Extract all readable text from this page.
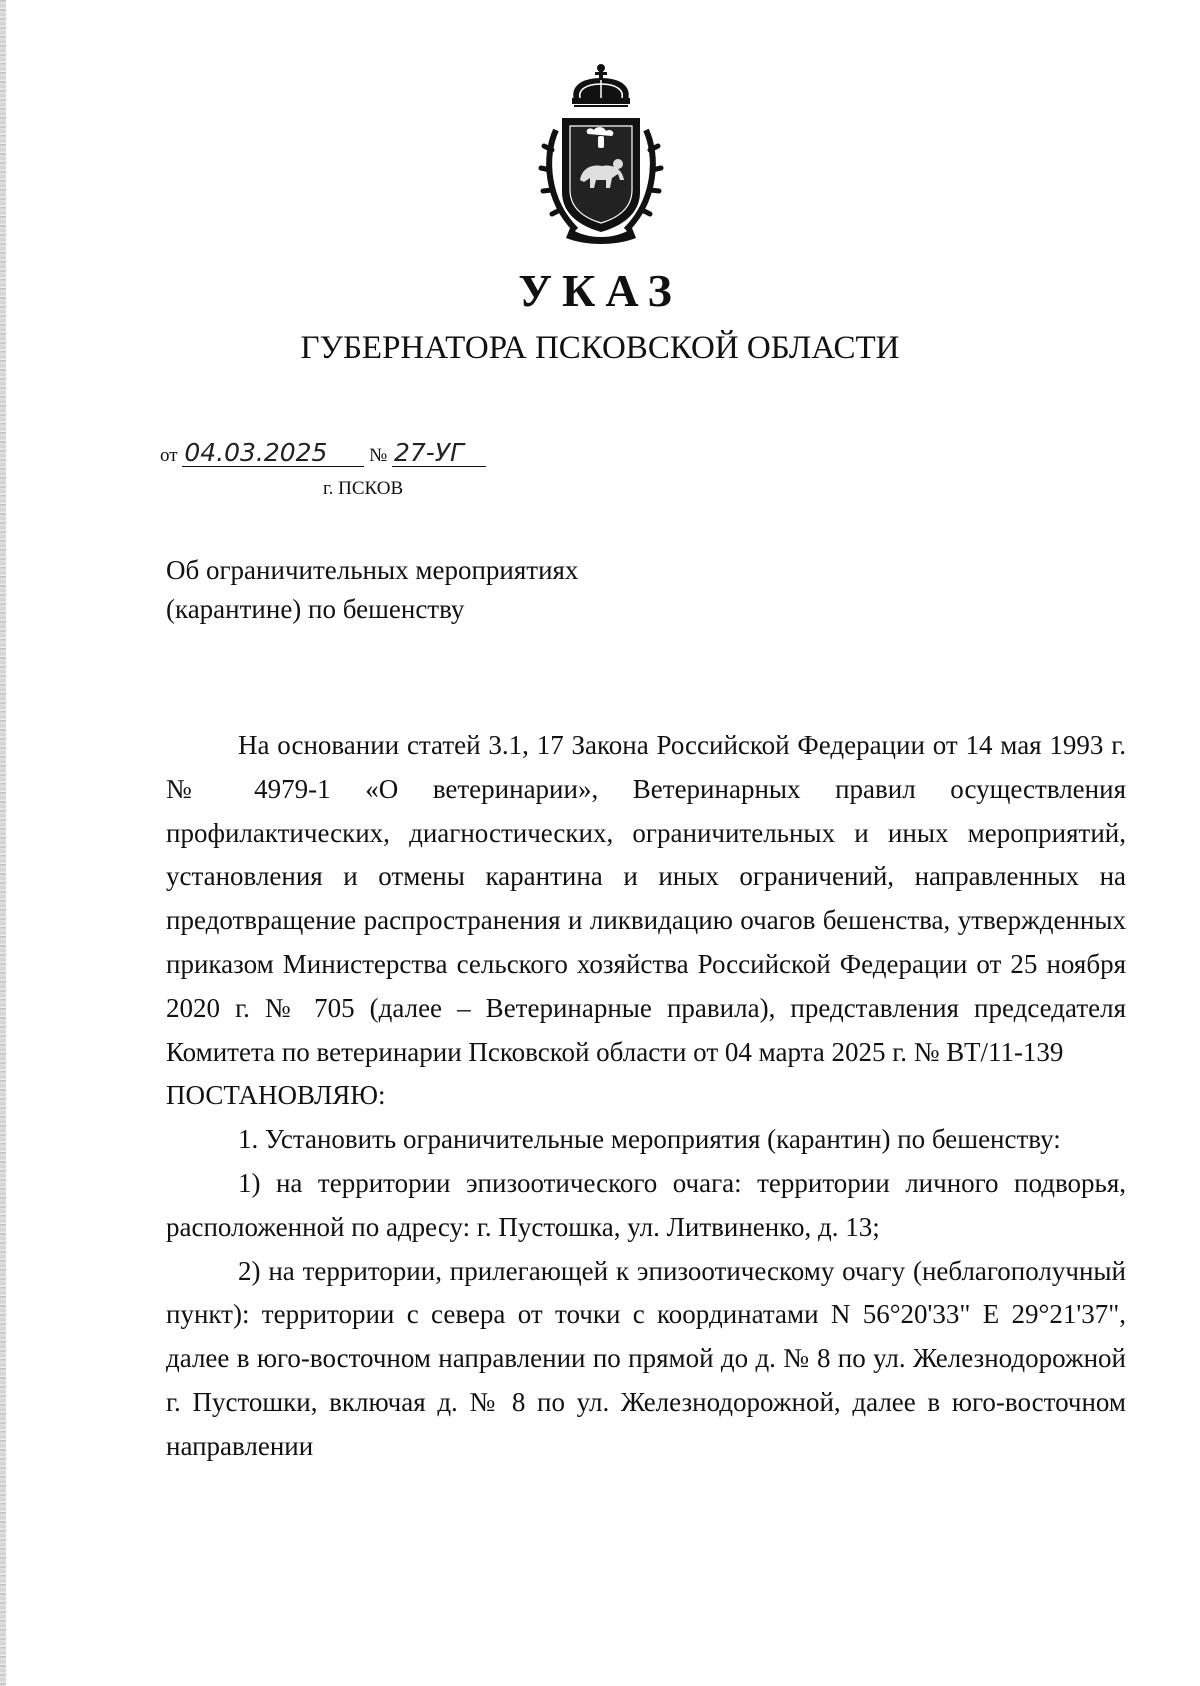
УКАЗ
ГУБЕРНАТОРА ПСКОВСКОЙ ОБЛАСТИ
от 04.03.2025 № 27-УГ
г. ПСКОВ
Об ограничительных мероприятиях
(карантине) по бешенству

На основании статей 3.1, 17 Закона Российской Федерации от 14 мая 1993 г. № 4979-1 «О ветеринарии», Ветеринарных правил осуществления профилактических, диагностических, ограничительных и иных мероприятий, установления и отмены карантина и иных ограничений, направленных на предотвращение распространения и ликвидацию очагов бешенства, утвержденных приказом Министерства сельского хозяйства Российской Федерации от 25 ноября 2020 г. № 705 (далее – Ветеринарные правила), представления председателя Комитета по ветеринарии Псковской области от 04 марта 2025 г. № ВТ/11-139

ПОСТАНОВЛЯЮ:

1. Установить ограничительные мероприятия (карантин) по бешенству:

1) на территории эпизоотического очага: территории личного подворья, расположенной по адресу: г. Пустошка, ул. Литвиненко, д. 13;

2) на территории, прилегающей к эпизоотическому очагу (неблагополучный пункт): территории с севера от точки с координатами N 56°20'33" E 29°21'37", далее в юго-восточном направлении по прямой до д. № 8 по ул. Железнодорожной г. Пустошки, включая д. № 8 по ул. Железнодорожной, далее в юго-восточном направлении
